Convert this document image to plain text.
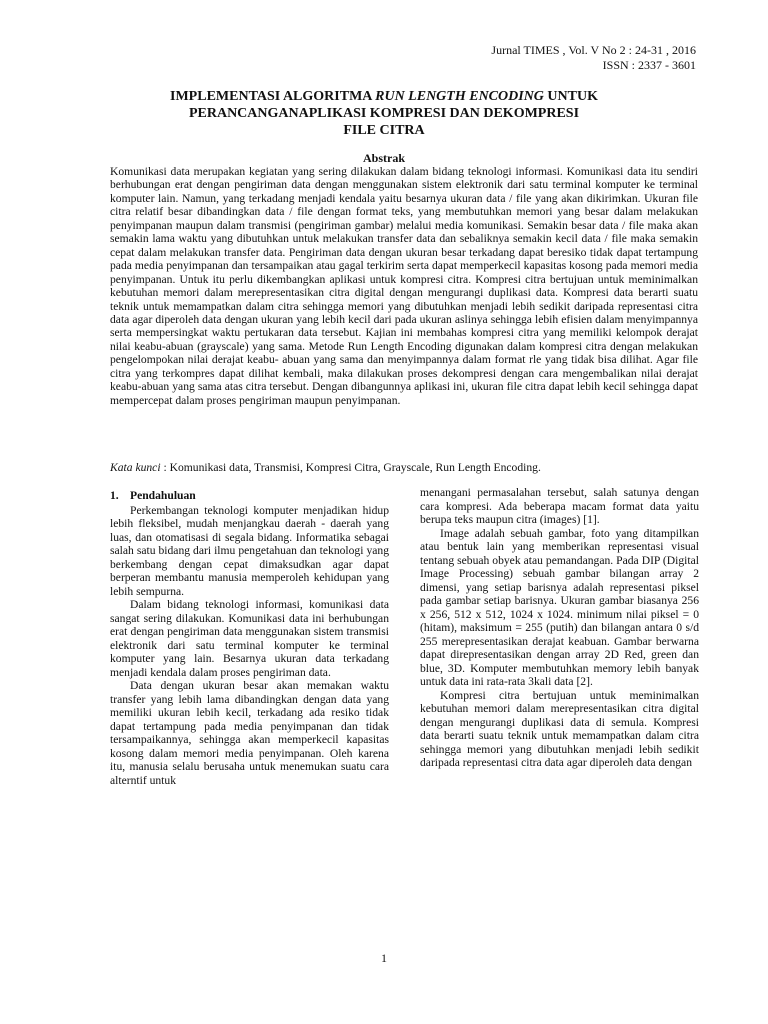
Jurnal TIMES , Vol. V No 2 : 24-31 , 2016
ISSN : 2337 - 3601
IMPLEMENTASI ALGORITMA RUN LENGTH ENCODING UNTUK
PERANCANGANAPLIKASI KOMPRESI DAN DEKOMPRESI
FILE CITRA
Abstrak
Komunikasi data merupakan kegiatan yang sering dilakukan dalam bidang teknologi informasi. Komunikasi data itu sendiri berhubungan erat dengan pengiriman data dengan menggunakan sistem elektronik dari satu terminal komputer ke terminal komputer lain. Namun, yang terkadang menjadi kendala yaitu besarnya ukuran data / file yang akan dikirimkan. Ukuran file citra relatif besar dibandingkan data / file dengan format teks, yang membutuhkan memori yang besar dalam melakukan penyimpanan maupun dalam transmisi (pengiriman gambar) melalui media komunikasi. Semakin besar data / file maka akan semakin lama waktu yang dibutuhkan untuk melakukan transfer data dan sebaliknya semakin kecil data / file maka semakin cepat dalam melakukan transfer data. Pengiriman data dengan ukuran besar terkadang dapat beresiko tidak dapat tertampung pada media penyimpanan dan tersampaikan atau gagal terkirim serta dapat memperkecil kapasitas kosong pada memori media penyimpanan. Untuk itu perlu dikembangkan aplikasi untuk kompresi citra. Kompresi citra bertujuan untuk meminimalkan kebutuhan memori dalam merepresentasikan citra digital dengan mengurangi duplikasi data. Kompresi data berarti suatu teknik untuk memampatkan dalam citra sehingga memori yang dibutuhkan menjadi lebih sedikit daripada representasi citra data agar diperoleh data dengan ukuran yang lebih kecil dari pada ukuran aslinya sehingga lebih efisien dalam menyimpannya serta mempersingkat waktu pertukaran data tersebut. Kajian ini membahas kompresi citra yang memiliki kelompok derajat nilai keabu-abuan (grayscale) yang sama. Metode Run Length Encoding digunakan dalam kompresi citra dengan melakukan pengelompokan nilai derajat keabu- abuan yang sama dan menyimpannya dalam format rle yang tidak bisa dilihat. Agar file citra yang terkompres dapat dilihat kembali, maka dilakukan proses dekompresi dengan cara mengembalikan nilai derajat keabu-abuan yang sama atas citra tersebut. Dengan dibangunnya aplikasi ini, ukuran file citra dapat lebih kecil sehingga dapat mempercepat dalam proses pengiriman maupun penyimpanan.
Kata kunci : Komunikasi data, Transmisi, Kompresi Citra, Grayscale, Run Length Encoding.
1. Pendahuluan

Perkembangan teknologi komputer menjadikan hidup lebih fleksibel, mudah menjangkau daerah - daerah yang luas, dan otomatisasi di segala bidang. Informatika sebagai salah satu bidang dari ilmu pengetahuan dan teknologi yang berkembang dengan cepat dimaksudkan agar dapat berperan membantu manusia memperoleh kehidupan yang lebih sempurna.

Dalam bidang teknologi informasi, komunikasi data sangat sering dilakukan. Komunikasi data ini berhubungan erat dengan pengiriman data menggunakan sistem transmisi elektronik dari satu terminal komputer ke terminal komputer yang lain. Besarnya ukuran data terkadang menjadi kendala dalam proses pengiriman data.

Data dengan ukuran besar akan memakan waktu transfer yang lebih lama dibandingkan dengan data yang memiliki ukuran lebih kecil, terkadang ada resiko tidak dapat tertampung pada media penyimpanan dan tidak tersampaikannya, sehingga akan memperkecil kapasitas kosong dalam memori media penyimpanan. Oleh karena itu, manusia selalu berusaha untuk menemukan suatu cara alterntif untuk

menangani permasalahan tersebut, salah satunya dengan cara kompresi. Ada beberapa macam format data yaitu berupa teks maupun citra (images) [1].

Image adalah sebuah gambar, foto yang ditampilkan atau bentuk lain yang memberikan representasi visual tentang sebuah obyek atau pemandangan. Pada DIP (Digital Image Processing) sebuah gambar bilangan array 2 dimensi, yang setiap barisnya adalah representasi piksel pada gambar setiap barisnya. Ukuran gambar biasanya 256 x 256, 512 x 512, 1024 x 1024. minimum nilai piksel = 0 (hitam), maksimum = 255 (putih) dan bilangan antara 0 s/d 255 merepresentasikan derajat keabuan. Gambar berwarna dapat direpresentasikan dengan array 2D Red, green dan blue, 3D. Komputer membutuhkan memory lebih banyak untuk data ini rata-rata 3kali data [2].

Kompresi citra bertujuan untuk meminimalkan kebutuhan memori dalam merepresentasikan citra digital dengan mengurangi duplikasi data di semula. Kompresi data berarti suatu teknik untuk memampatkan dalam citra sehingga memori yang dibutuhkan menjadi lebih sedikit daripada representasi citra data agar diperoleh data dengan

1
